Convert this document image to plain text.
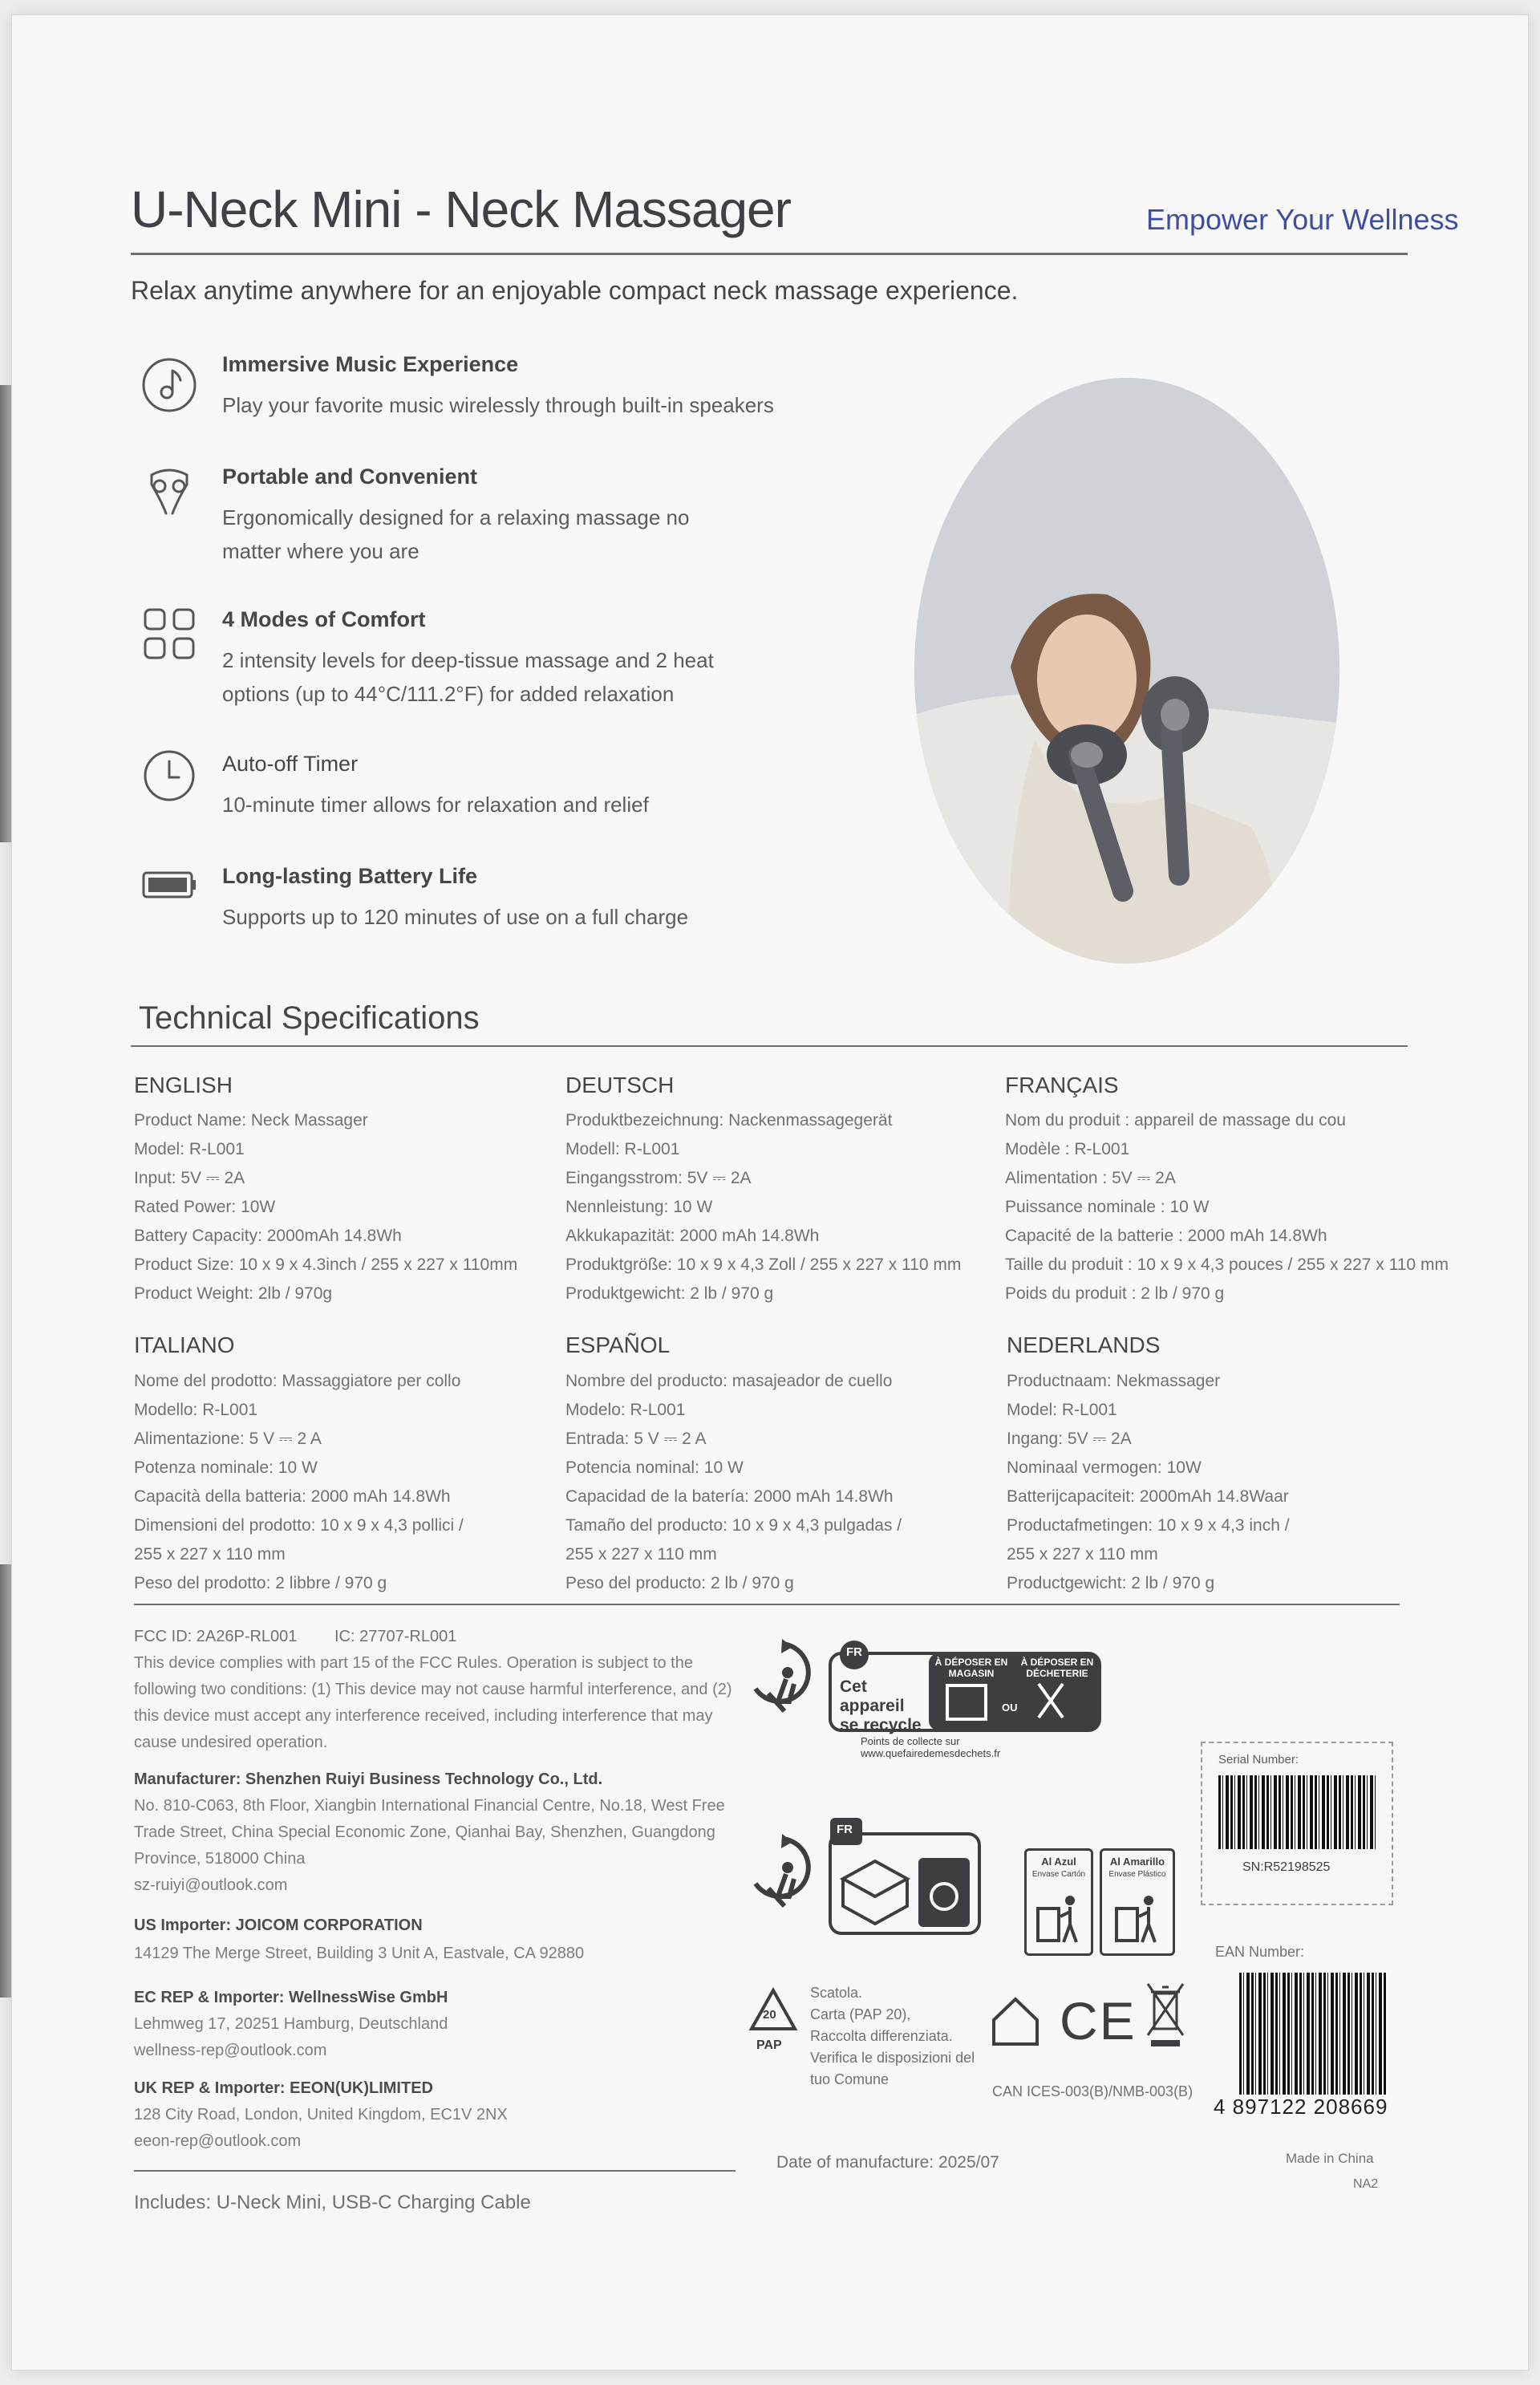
U-Neck Mini - Neck Massager	Empower Your Wellness
Relax anytime anywhere for an enjoyable compact neck massage experience.
Immersive Music Experience
Play your favorite music wirelessly through built-in speakers
Portable and Convenient
Ergonomically designed for a relaxing massage no matter where you are
4 Modes of Comfort
2 intensity levels for deep-tissue massage and 2 heat options (up to 44°C/111.2°F) for added relaxation
Auto-off Timer
10-minute timer allows for relaxation and relief
Long-lasting Battery Life
Supports up to 120 minutes of use on a full charge
Technical Specifications
ENGLISH
Product Name: Neck Massager
Model: R-L001
Input: 5V ⎓ 2A
Rated Power: 10W
Battery Capacity: 2000mAh 14.8Wh
Product Size: 10 x 9 x 4.3inch / 255 x 227 x 110mm
Product Weight: 2lb / 970g
DEUTSCH
Produktbezeichnung: Nackenmassagegerät
Modell: R-L001
Eingangsstrom: 5V ⎓ 2A
Nennleistung: 10 W
Akkukapazität: 2000 mAh 14.8Wh
Produktgröße: 10 x 9 x 4,3 Zoll / 255 x 227 x 110 mm
Produktgewicht: 2 lb / 970 g
FRANÇAIS
Nom du produit : appareil de massage du cou
Modèle : R-L001
Alimentation : 5V ⎓ 2A
Puissance nominale : 10 W
Capacité de la batterie : 2000 mAh 14.8Wh
Taille du produit : 10 x 9 x 4,3 pouces / 255 x 227 x 110 mm
Poids du produit : 2 lb / 970 g
ITALIANO
Nome del prodotto: Massaggiatore per collo
Modello: R-L001
Alimentazione: 5 V ⎓ 2 A
Potenza nominale: 10 W
Capacità della batteria: 2000 mAh 14.8Wh
Dimensioni del prodotto: 10 x 9 x 4,3 pollici /
255 x 227 x 110 mm
Peso del prodotto: 2 libbre / 970 g
ESPAÑOL
Nombre del producto: masajeador de cuello
Modelo: R-L001
Entrada: 5 V ⎓ 2 A
Potencia nominal: 10 W
Capacidad de la batería: 2000 mAh 14.8Wh
Tamaño del producto: 10 x 9 x 4,3 pulgadas /
255 x 227 x 110 mm
Peso del producto: 2 lb / 970 g
NEDERLANDS
Productnaam: Nekmassager
Model: R-L001
Ingang: 5V ⎓ 2A
Nominaal vermogen: 10W
Batterijcapaciteit: 2000mAh 14.8Waar
Productafmetingen: 10 x 9 x 4,3 inch /
255 x 227 x 110 mm
Productgewicht: 2 lb / 970 g
FCC ID: 2A26P-RL001 IC: 27707-RL001
This device complies with part 15 of the FCC Rules. Operation is subject to the
following two conditions: (1) This device may not cause harmful interference, and (2)
this device must accept any interference received, including interference that may
cause undesired operation.
Manufacturer: Shenzhen Ruiyi Business Technology Co., Ltd.
No. 810-C063, 8th Floor, Xiangbin International Financial Centre, No.18, West Free
Trade Street, China Special Economic Zone, Qianhai Bay, Shenzhen, Guangdong
Province, 518000 China
sz-ruiyi@outlook.com
US Importer: JOICOM CORPORATION
14129 The Merge Street, Building 3 Unit A, Eastvale, CA 92880
EC REP & Importer: WellnessWise GmbH
Lehmweg 17, 20251 Hamburg, Deutschland
wellness-rep@outlook.com
UK REP & Importer: EEON(UK)LIMITED
128 City Road, London, United Kingdom, EC1V 2NX
eeon-rep@outlook.com
Includes: U-Neck Mini, USB-C Charging Cable
FR
Cet appareil se recycle
À DÉPOSER EN MAGASIN
OU
À DÉPOSER EN DÉCHETERIE
Points de collecte sur www.quefairedemesdechets.fr
FR
Al Azul
Envase Cartón
Al Amarillo
Envase Plástico
20
PAP
Scatola.
Carta (PAP 20),
Raccolta differenziata.
Verifica le disposizioni del
tuo Comune
CE
CAN ICES-003(B)/NMB-003(B)
Date of manufacture: 2025/07
Serial Number:
SN:R52198525
EAN Number:
4 897122 208669
Made in China
NA2
